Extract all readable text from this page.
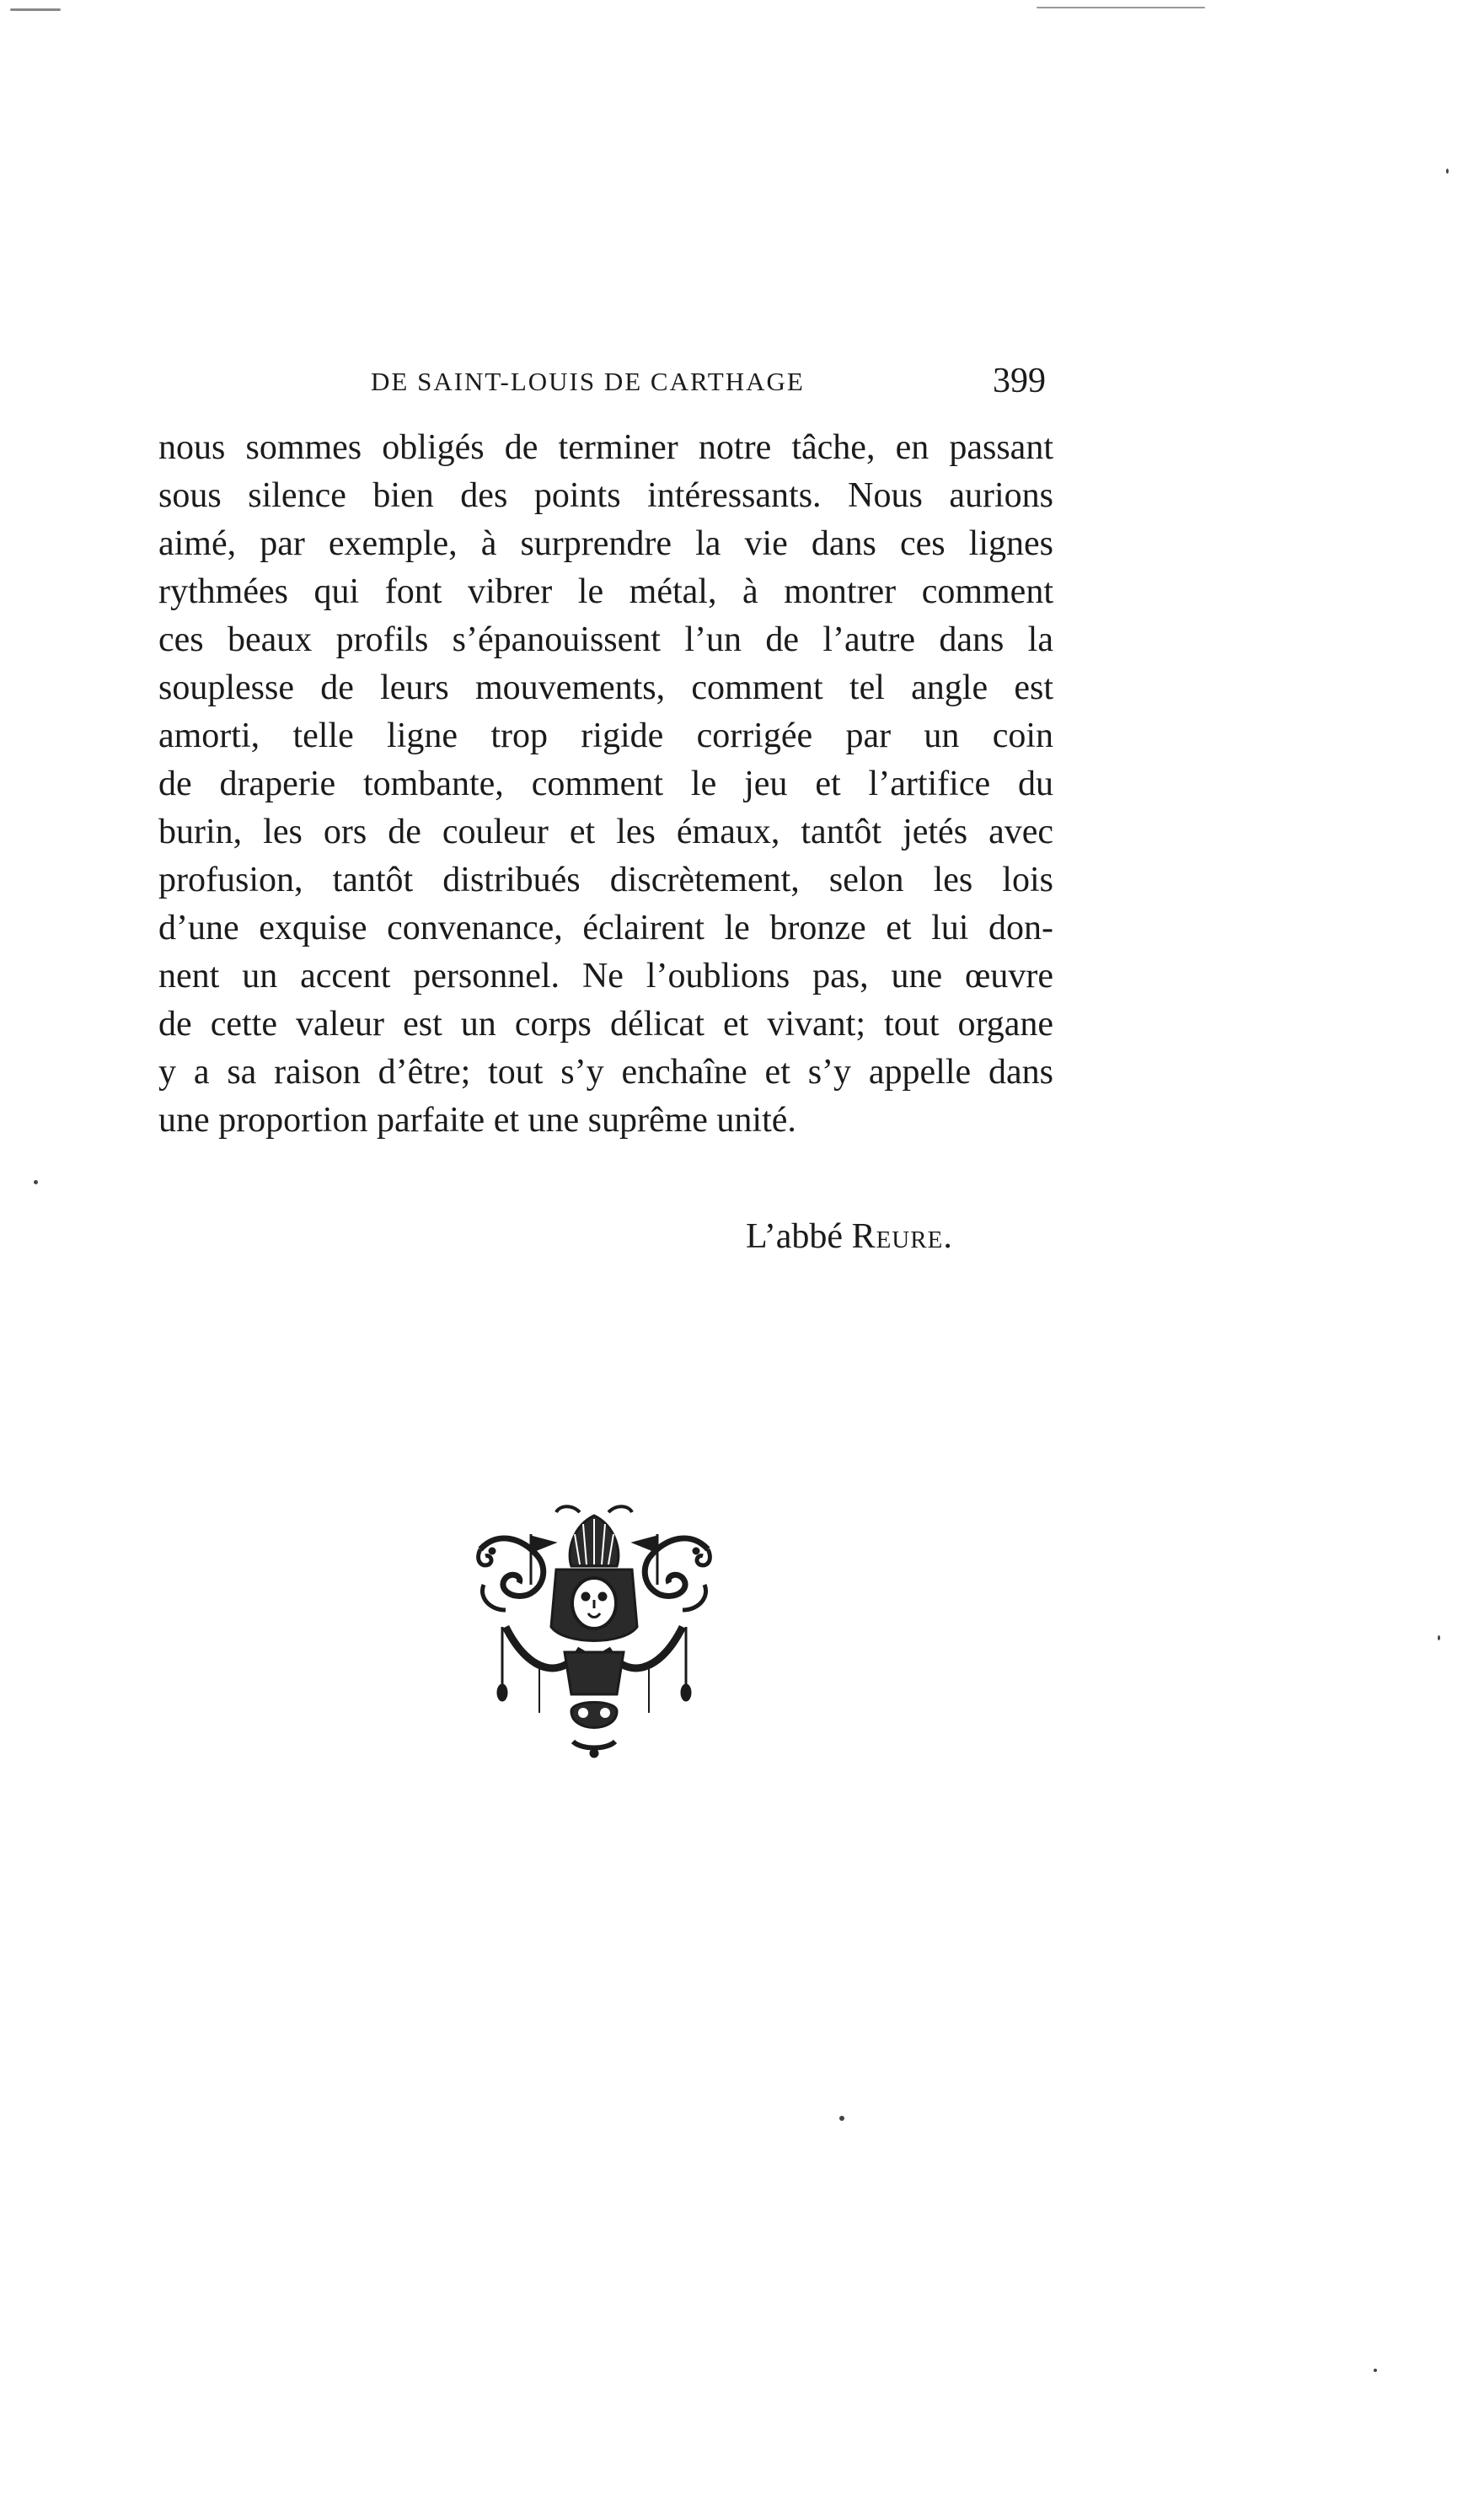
DE SAINT-LOUIS DE CARTHAGE	399
nous sommes obligés de terminer notre tâche, en passant
sous silence bien des points intéressants. Nous aurions
aimé, par exemple, à surprendre la vie dans ces lignes
rythmées qui font vibrer le métal, à montrer comment
ces beaux profils s’épanouissent l’un de l’autre dans la
souplesse de leurs mouvements, comment tel angle est
amorti, telle ligne trop rigide corrigée par un coin
de draperie tombante, comment le jeu et l’artifice du
burin, les ors de couleur et les émaux, tantôt jetés avec
profusion, tantôt distribués discrètement, selon les lois
d’une exquise convenance, éclairent le bronze et lui don-
nent un accent personnel. Ne l’oublions pas, une œuvre
de cette valeur est un corps délicat et vivant; tout organe
y a sa raison d’être; tout s’y enchaîne et s’y appelle dans
une proportion parfaite et une suprême unité.
L’abbé Reure.
